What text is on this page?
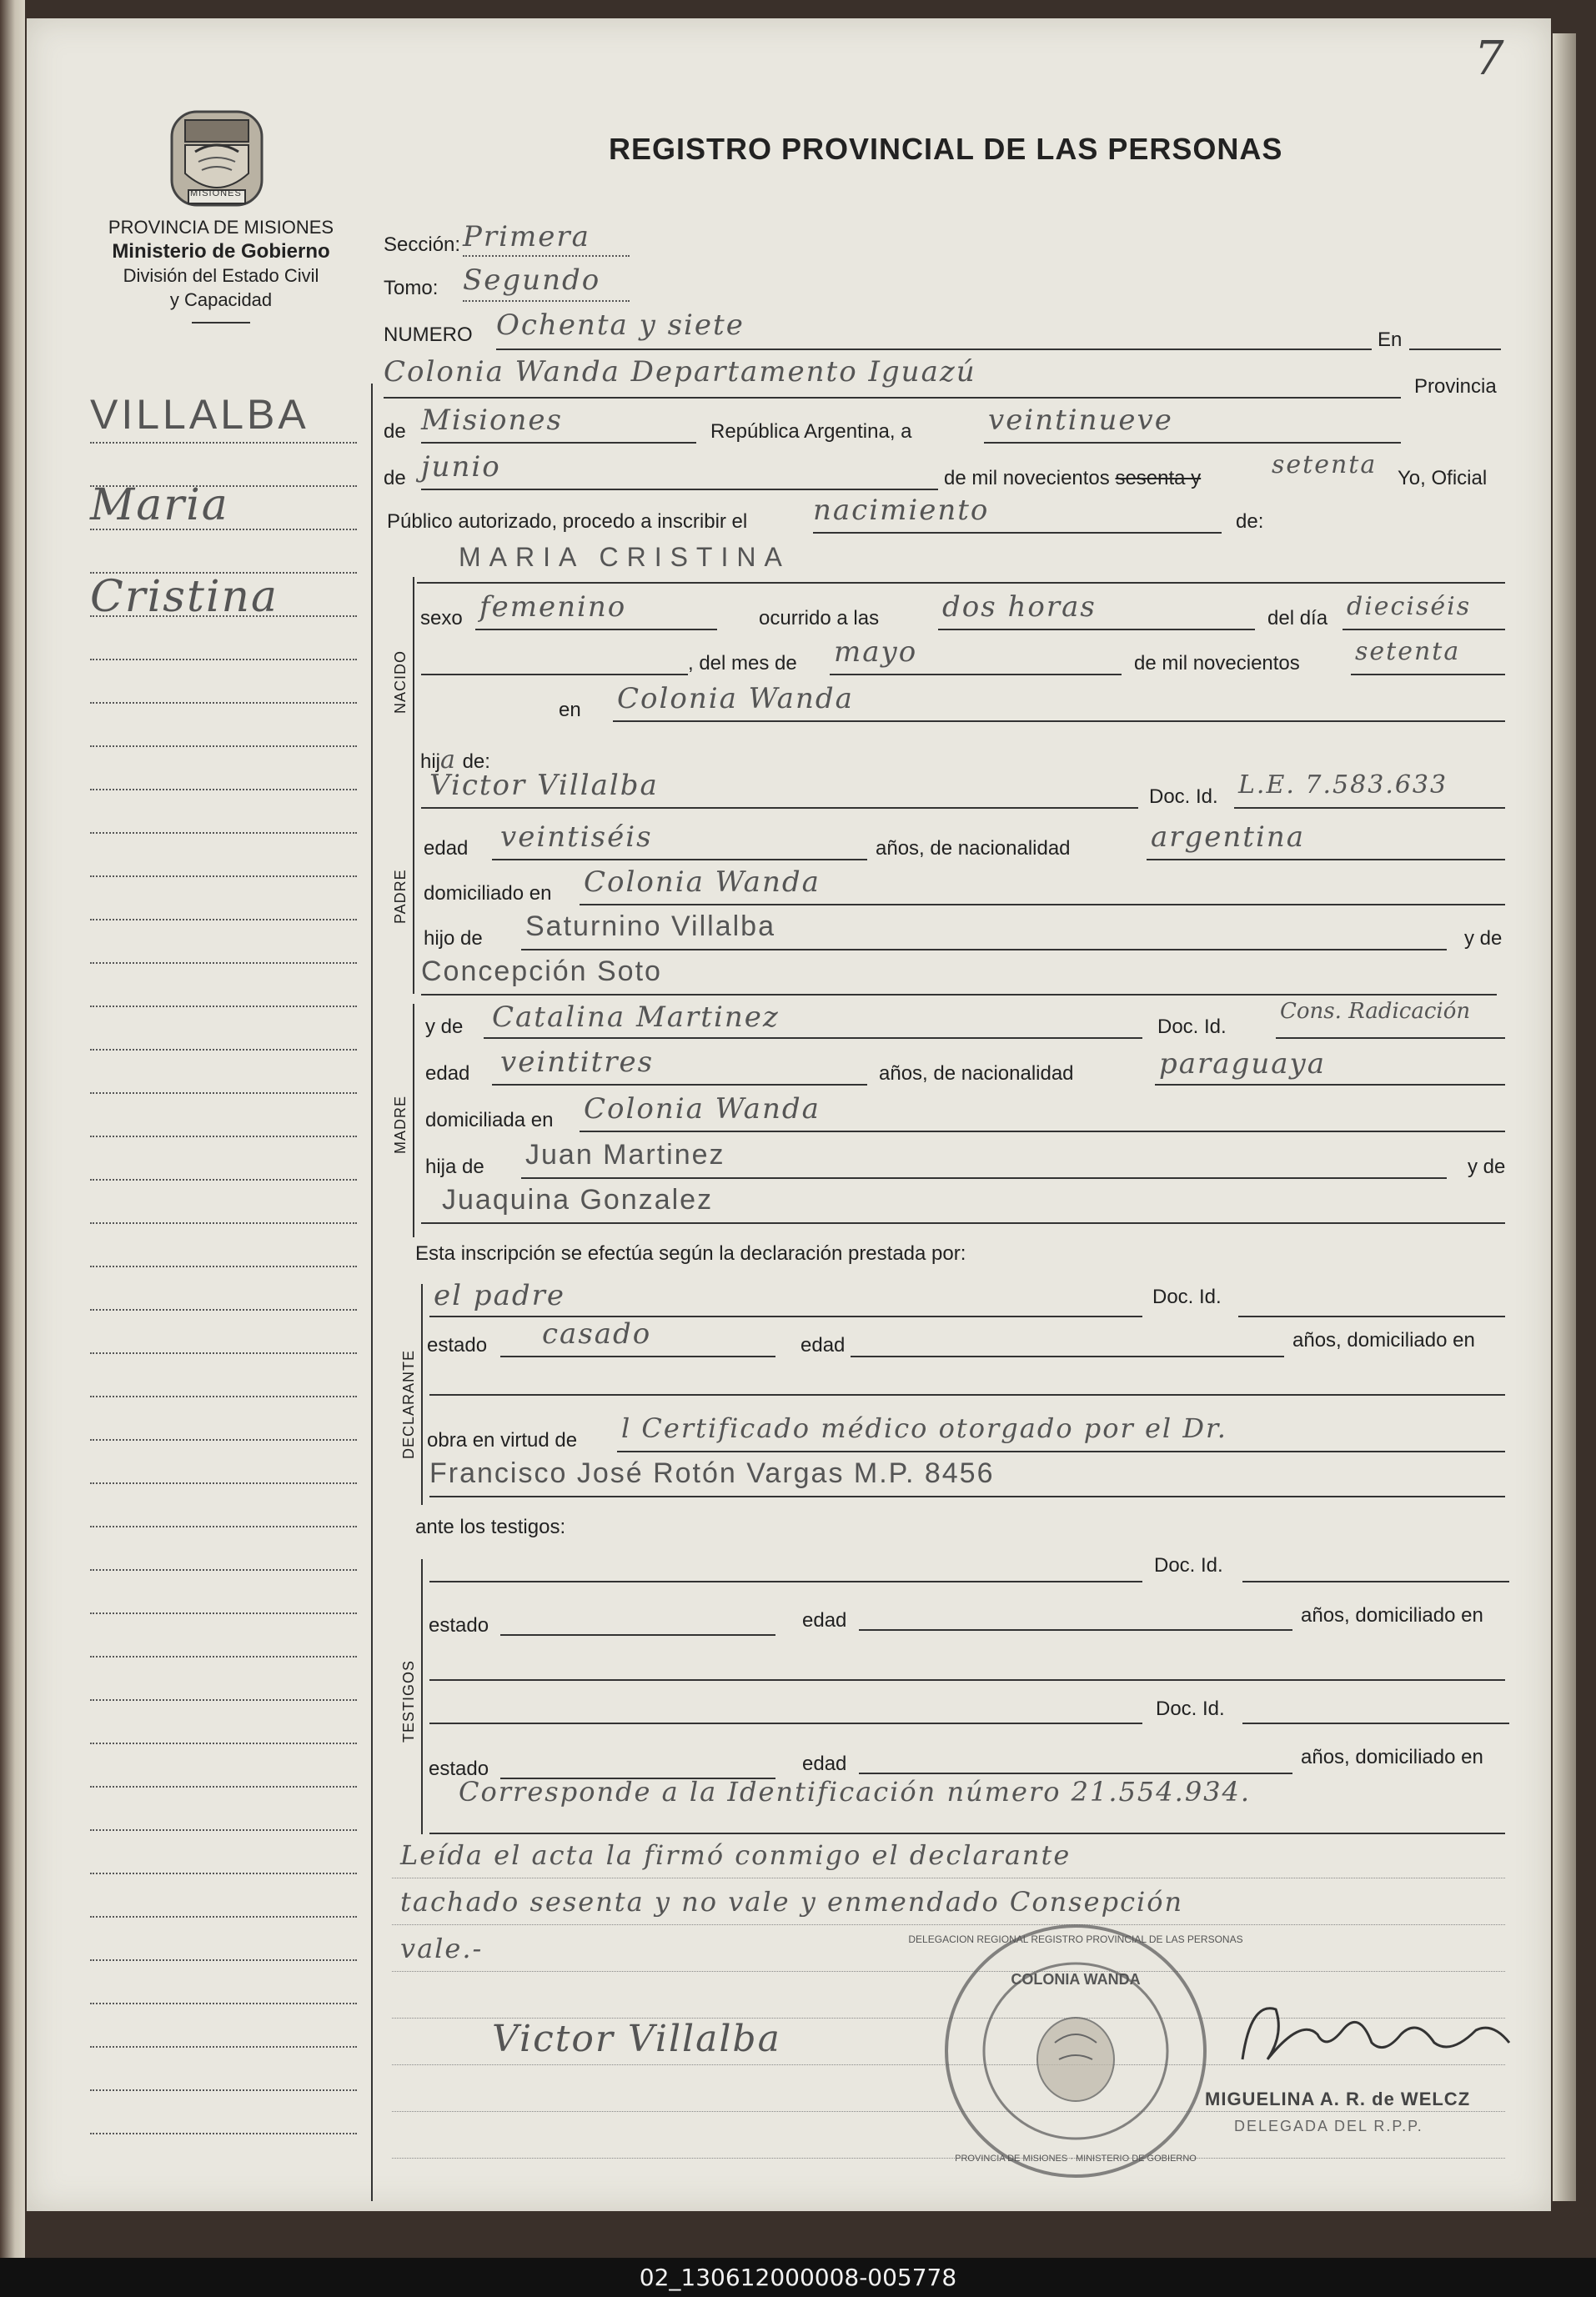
7
MISIONES
PROVINCIA DE MISIONES
Ministerio de Gobierno
División del Estado Civil
y Capacidad
REGISTRO PROVINCIAL DE LAS PERSONAS
VILLALBA
Maria
Cristina
Sección: Primera
Tomo: Segundo
NUMERO Ochenta y siete	En
Colonia Wanda Departamento Iguazú	Provincia
de Misiones	República Argentina, a	veintinueve
de junio	de mil novecientos sesenta y	setenta Yo, Oficial
Público autorizado, procedo a inscribir el nacimiento	de:
NACIDO
MARIA CRISTINA
sexo femenino	ocurrido a las dos horas	del día dieciséis
, del mes de mayo	de mil novecientos setenta
en Colonia Wanda
hija de:
PADRE
Victor Villalba	Doc. Id. L.E. 7.583.633
edad veintiséis	años, de nacionalidad	argentina
domiciliado en Colonia Wanda
hijo de Saturnino Villalba	y de
Concepción Soto
MADRE
y de Catalina Martinez	Doc. Id.
Cons. Radicación
edad veintitres	años, de nacionalidad	paraguaya
domiciliada en Colonia Wanda
hija de Juan Martinez	y de
Juaquina Gonzalez
Esta inscripción se efectúa según la declaración prestada por:
DECLARANTE
el padre	Doc. Id.
estado casado	edad	años, domiciliado en
obra en virtud de l Certificado médico otorgado por el Dr.
Francisco José Rotón Vargas M.P. 8456
ante los testigos:
TESTIGOS
Doc. Id.
estado	edad	años, domiciliado en
Doc. Id.
estado	edad	años, domiciliado en
Corresponde a la Identificación número 21.554.934.
Leída el acta la firmó conmigo el declarante
tachado sesenta y no vale y enmendado Consepción
vale.-
Victor Villalba
DELEGACION REGIONAL REGISTRO PROVINCIAL DE LAS PERSONAS
COLONIA WANDA
PROVINCIA DE MISIONES · MINISTERIO DE GOBIERNO
MIGUELINA A. R. de WELCZ
DELEGADA DEL R.P.P.
02_130612000008-005778
